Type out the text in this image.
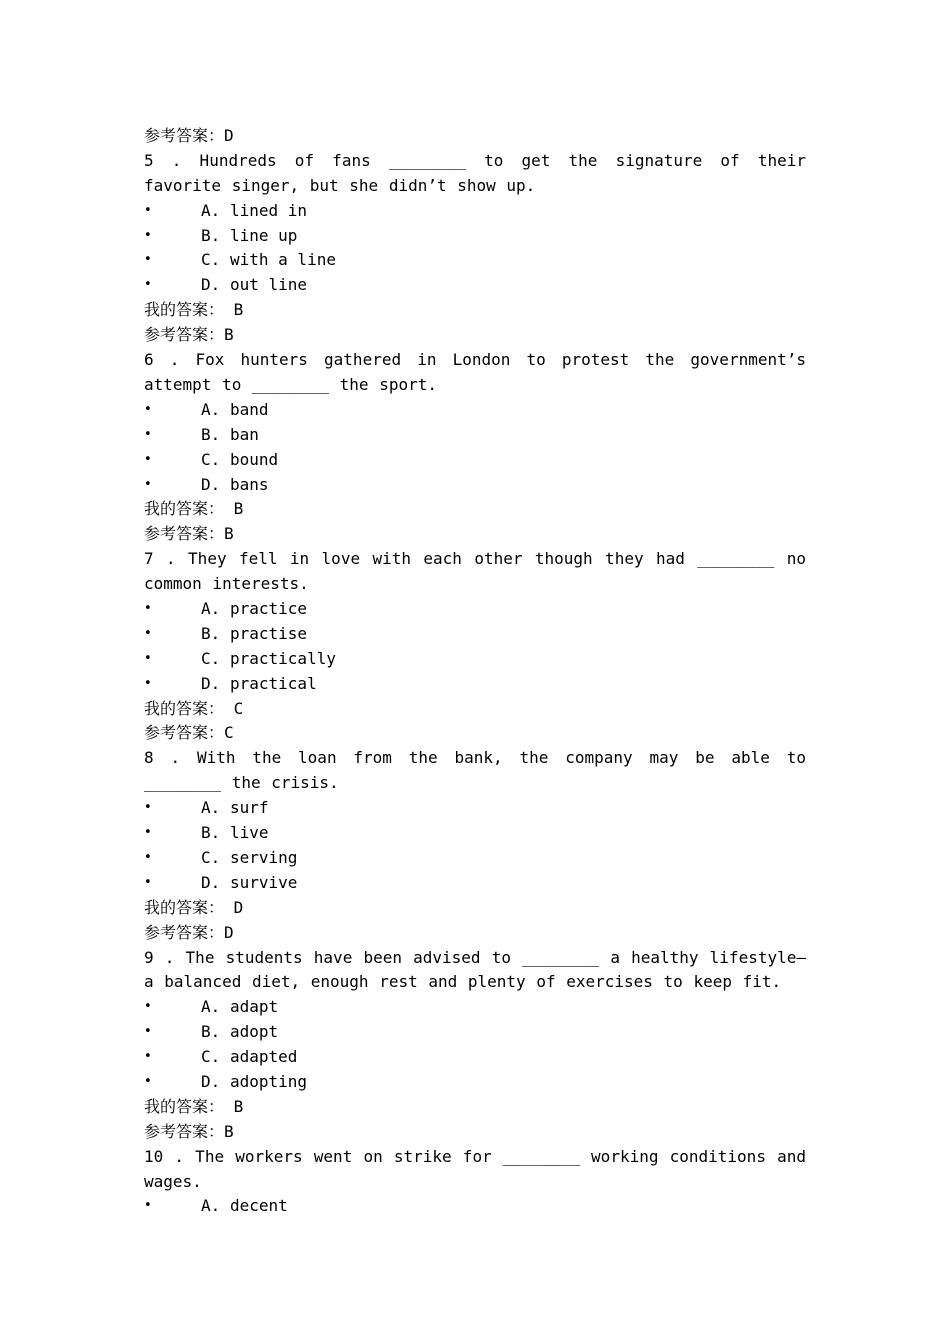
参考答案：D
5 . Hundreds of fans ________ to get the signature of their favorite singer, but she didn’t show up.
•	A. lined in
•	B. line up
•	C. with a line
•	D. out line
我的答案： B
参考答案：B
6 . Fox hunters gathered in London to protest the government’s attempt to ________ the sport.
•	A. band
•	B. ban
•	C. bound
•	D. bans
我的答案： B
参考答案：B
7 . They fell in love with each other though they had ________ no common interests.
•	A. practice
•	B. practise
•	C. practically
•	D. practical
我的答案： C
参考答案：C
8 . With the loan from the bank, the company may be able to ________ the crisis.
•	A. surf
•	B. live
•	C. serving
•	D. survive
我的答案： D
参考答案：D
9 . The students have been advised to ________ a healthy lifestyle—a balanced diet, enough rest and plenty of exercises to keep fit.
•	A. adapt
•	B. adopt
•	C. adapted
•	D. adopting
我的答案： B
参考答案：B
10 . The workers went on strike for ________ working conditions and wages.
•	A. decent
